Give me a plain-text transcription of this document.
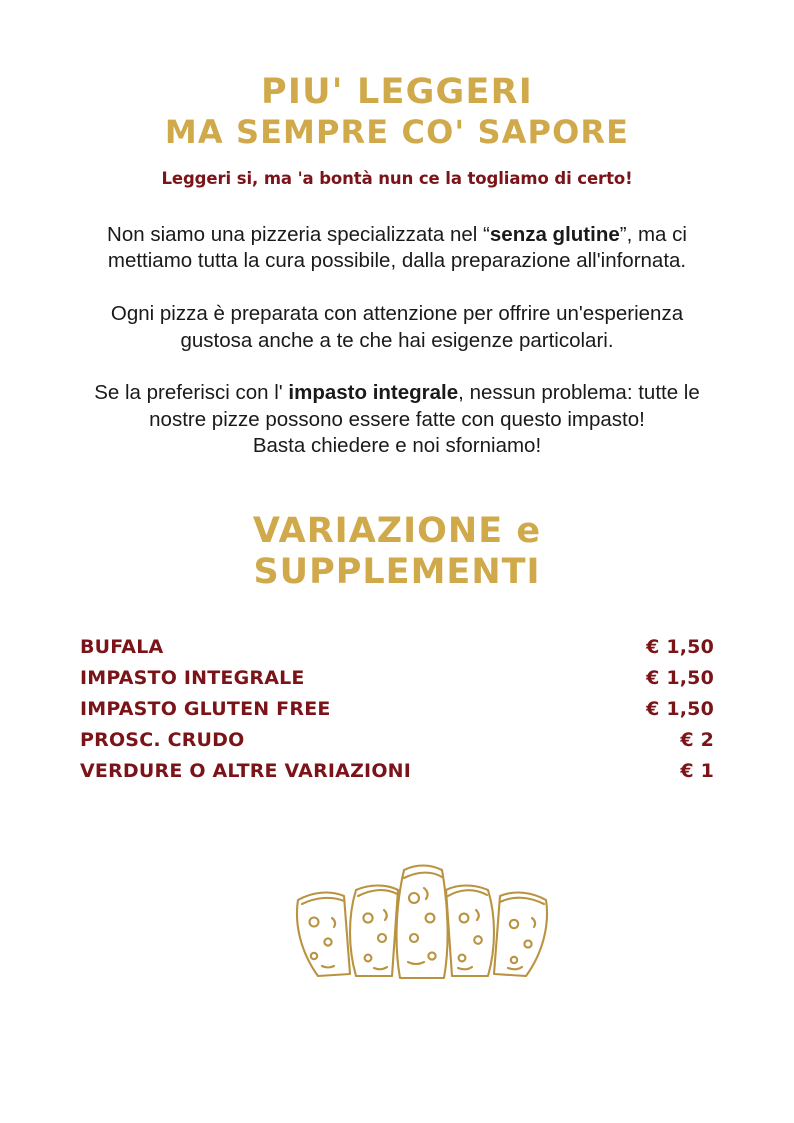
PIU' LEGGERI
MA SEMPRE CO' SAPORE

Leggeri si, ma 'a bontà nun ce la togliamo di certo!

Non siamo una pizzeria specializzata nel “senza glutine”, ma ci mettiamo tutta la cura possibile, dalla preparazione all'infornata.

Ogni pizza è preparata con attenzione per offrire un'esperienza gustosa anche a te che hai esigenze particolari.

Se la preferisci con l' impasto integrale, nessun problema: tutte le nostre pizze possono essere fatte con questo impasto!
Basta chiedere e noi sforniamo!

VARIAZIONE e
SUPPLEMENTI
BUFALA	€ 1,50
IMPASTO INTEGRALE	€ 1,50
IMPASTO GLUTEN FREE	€ 1,50
PROSC. CRUDO	€ 2
VERDURE O ALTRE VARIAZIONI	€ 1
